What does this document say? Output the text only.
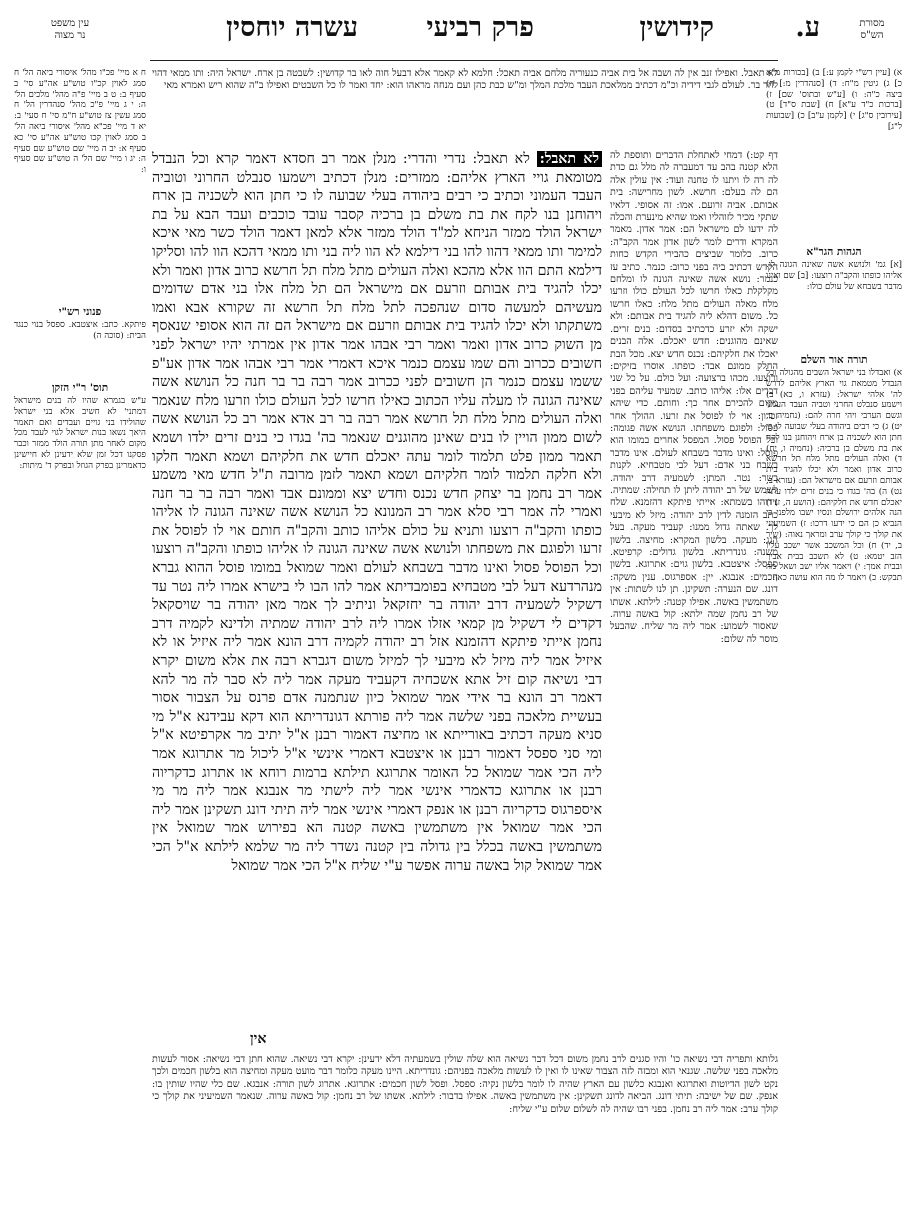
מסורת
הש"ס
ע.
קידושין
פרק רביעי
עשרה יוחסין
עין משפט
נר מצוה
לא תאבל. ואפילו זנב אין לה ושבה אל בית אביה כנעוריה מלחם אביה תאכל: חלמא לא קאמר אלא דבעל חוה לאו בר קדושין: לשבטה בן ארח. ישראל היה: ותו ממאי דהוי לחר בר. לעולם לגבי דידיה וכ"מ דכתיב ממלאכת העבד מלכת המלך ומ"ש כבת כהן ועם מנחה מראהו הוא: יחד ואמר לו כל השבטים ואפילו ב"ה שהוא ריש ואמרא מאי
א) [עיין רש"י לקמן ע:] ב) [בכורות מ"א כ] ג) גיטין מ"ח: ד) [סנהדרין מ:] ה) ביצה כ"ה: ו) [ע"ש ובתוס' שם] ז) [ברכות כ"ד ע"א] ח) [שבת ס"ד] ט) [עירובין ס"ג] י) [לקמן ע"ב] כ) [שבועות ל"ג]
הגהות הגר"א
[א] גמ' ולנושא אשה שאינה הגונה לו. אליהו כופתו והקב"ה רוצעו: [ב] שם ואינו מדבר בשבחא של עולם כולו:
תורה אור השלם
א) ואבדלו בני ישראל השבים מהגולה וכל הנבדל מטמאת גוי הארץ אליהם לדרש לה' אלהי ישראל: (עזרא ו, כא) ב) וישמע סנבלט החרני וטביה העבד העמני וגשם הערבי ויהי חרה להם: (נחמיה ב, יט) ג) כי רבים ביהודה בעלי שבועה לו כי חתן הוא לשכניה בן ארח ויהוחנן בנו לקח את בת משלם בן ברכיה: (נחמיה ו, יח) ד) ואלה העולים מתל מלח תל חרשא כרוב אדון ואמר ולא יכלו להגיד בית אבותם וזרעם אם מישראל הם: (עזרא ב, נט) ה) בה' בגדו כי בנים זרים ילדו עתה יאכלם חדש את חלקיהם: (הושע ה, ז) ו) הנה אלהים ירושלם ונסיו ישבו מלפני כי הנביא כן הם כי ידעו דרכו: ז) השמיעיני את קולך כי קולך ערב ומראך נאוה: (שיר ב, יד) ח) וכל המשכב אשר ישכב עליו הזב יטמא: ט) לא תשכב בבית אביך ובבית אמך: י) ויאמר אליו ישב ושאל מה תבקש: כ) ויאמר לו מה הוא עושה כאן:
דף קט:) דמחי לאתחלת הדברים ותוספת לה הלא קטנה בהב עד דמעברה לה מלל גם כדת לה רה לו ויתנו לו טחנה ועוד: אין עולין אלה הם לה בעלם: חרשא. לשון מחרישה: בית אבותם. אביה זרועם. אמו: זה אסופי. דלאיו שתקי מכיר לזוהליו ואמו שהיא מינערת והכלה לה ידעו לם מישראל הם: אמר אדון. מאמר המקרא ודרים לומר לשון אדון אמר הקב"ה: כרוב. כלומר שביצים כהבירי הקדש כחות הקדש דכתיב ביה בפני כרוב: כנמר. כתיב עז כנמר: נושא אשה שאינה הגונה לו ומלחם מקלקלת כאלו חרשו לכל העולם כולו וזרעו מלח מאלה העולים מתל מלח: כאלו חרשו כל. משום דהלא ליה להגיד בית אבותם: ולא ישקה ולא יזרע כדכתיב בסדום: בנים זרים. שאינם מהוגנים: חדש יאכלם. אלה הבנים יאכלו את חלקיהם: נכנס חדש יצא. מכל הבת החלק ממונם אבד: כופתו. אוסרו בזיקים: ורוצעו. מכהו ברצועה: ועל כולם. על כל שני דברים אלו: אליהו כותב. שמעיד עליהם בפני מקום להכירם אחר כך: וחותם. כדי שיהא זכרון: אוי לו לפוסל את זרעו. ההולך אחר פסול: ולפוגם משפחתו. הנושא אשה פגומה: וכל הפוסל פסול. המפסל אחרים במומו הוא פוסל: ואינו מדבר בשבחא לעולם. אינו מדבר בשבח בני אדם: דעל לבי מטבחיא. לקנות בשר: נטר. המתן: לשמעיה דרב יהודה. לשמש של רב יהודה ליתן לו תחילה: שמתיה. נידוהו בשמתא: אייתי פיתקא דהזמנא. שלח כתב הזמנה לדין לרב יהודה: מיזל לא מיבעי לך. שאתה גדול ממנו: קעביד מעקה. בעל הגג: מעקה. בלשון המקרא: מחיצה. בלשון משנה: גונדריתא. בלשון גדולים: קרפיטא. ספסל: איצטבא. בלשון גוים: אתרוגא. בלשון חכמים: אנבגא. יין: אספרגוס. ענין משקה: דונג. שם הנערה: תשקינן. תן לנו לשתות: אין משתמשין באשה. אפילו קטנה: לילתא. אשתו של רב נחמן שמה ילתא: קול באשה ערוה. שאסור לשמוע: אמר ליה מר שליח. שהבעל מוסר לה שלום:
לא תאבל: לא תאבל: נדרי והדרי: מנלן אמר רב חסדא דאמר קרא וכל הנבדל מטומאת גויי הארץ אליהם: ממזרים: מנלן דכתיב וישמעו סנבלט החרוני וטוביה העבד העמוני וכתיב כי רבים ביהודה בעלי שבועה לו כי חתן הוא לשכניה בן ארח ויהוחנן בנו לקח את בת משלם בן ברכיה קסבר עובד כוכבים ועבד הבא על בת ישראל הולד ממזר הניחא למ"ד הולד ממזר אלא למאן דאמר הולד כשר מאי איכא למימר ותו ממאי דהוו להו בני דילמא לא הוו ליה בני ותו ממאי דהכא הוו להו וסליקו דילמא התם הוו אלא מהכא ואלה העולים מתל מלח תל חרשא כרוב אדון ואמר ולא יכלו להגיד בית אבותם וזרעם אם מישראל הם תל מלח אלו בני אדם שדומים מעשיהם למעשה סדום שנהפכה לתל מלח תל חרשא זה שקורא אבא ואמו משתקתו ולא יכלו להגיד בית אבותם וזרעם אם מישראל הם זה הוא אסופי שנאסף מן השוק כרוב אדון ואמר ואמר רבי אבהו אמר אדון אין אמרתי יהיו ישראל לפני חשובים ככרוב והם שמו עצמם כנמר איכא דאמרי אמר רבי אבהו אמר אדון אע"פ ששמו עצמם כנמר הן חשובים לפני ככרוב אמר רבה בר בר חנה כל הנושא אשה שאינה הגונה לו מעלה עליו הכתוב כאילו חרשו לכל העולם כולו וזרעו מלח שנאמר ואלה העולים מתל מלח תל חרשא אמר רבה בר רב אדא אמר רב כל הנושא אשה לשום ממון הויין לו בנים שאינן מהוגנים שנאמר בה' בגדו כי בנים זרים ילדו ושמא תאמר ממון פלט תלמוד לומר עתה יאכלם חדש את חלקיהם ושמא תאמר חלקו ולא חלקה תלמוד לומר חלקיהם ושמא תאמר לזמן מרובה ת"ל חדש מאי משמע אמר רב נחמן בר יצחק חדש נכנס וחדש יצא וממונם אבד ואמר רבה בר בר חנה ואמרי לה אמר רבי סלא אמר רב המנונא כל הנושא אשה שאינה הגונה לו אליהו כופתו והקב"ה רוצעו ותניא על כולם אליהו כותב והקב"ה חותם אוי לו לפוסל את זרעו ולפוגם את משפחתו ולנושא אשה שאינה הגונה לו אליהו כופתו והקב"ה רוצעו וכל הפוסל פסול ואינו מדבר בשבחא לעולם ואמר שמואל במומו פוסל ההוא גברא מנהרדעא דעל לבי מטבחיא בפומבדיתא אמר להו הבו לי בישרא אמרו ליה נטר עד דשקיל לשמעיה דרב יהודה בר יחזקאל וניתיב לך אמר מאן יהודה בר שויסקאל דקדים לי דשקיל מן קמאי אזלו אמרו ליה לרב יהודה שמתיה ולדינא לקמיה דרב נחמן אייתי פיתקא דהזמנא אזל רב יהודה לקמיה דרב הונא אמר ליה איזיל או לא איזיל אמר ליה מיזל לא מיבעי לך למיזל משום דגברא רבה את אלא משום יקרא דבי נשיאה קום זיל אתא אשכחיה דקעביד מעקה אמר ליה לא סבר לה מר להא דאמר רב הונא בר אידי אמר שמואל כיון שנתמנה אדם פרנס על הצבור אסור בעשיית מלאכה בפני שלשה אמר ליה פורתא דגונדריתא הוא דקא עבידנא א"ל מי סניא מעקה דכתיב באורייתא או מחיצה דאמור רבנן א"ל יתיב מר אקרפיטא א"ל ומי סני ספסל דאמור רבנן או איצטבא דאמרי אינשי א"ל ליכול מר אתרוגא אמר ליה הכי אמר שמואל כל האומר אתרוגא תילתא ברמות רוחא או אתרוג כדקריוה רבנן או אתרוגא כדאמרי אינשי אמר ליה לישתי מר אנבגא אמר ליה מר מי איספרגוס כדקריוה רבנן או אנפק דאמרי אינשי אמר ליה תיתי דונג תשקינן אמר ליה הכי אמר שמואל אין משתמשין באשה קטנה הא בפירוש אמר שמואל אין משתמשין באשה בכלל בין גדולה בין קטנה נשדר ליה מר שלמא לילתא א"ל הכי אמר שמואל קול באשה ערוה אפשר ע"י שליח א"ל הכי אמר שמואל
אין
גלותא ותפריה דבי נשיאה כו' והיו סגנים לרב נחמן משום דכל דבר נשיאה הוא שלה שולין בשמעתיה דלא ידעינן: יקרא דבי נשיאה. שהוא חתן דבי נשיאה: אסור לעשות מלאכה בפני שלשה. שגנאי הוא ומבזה לזה הצבור שאינו לו ואין לו לעשות מלאכה בפניהם: גונדריתא. היינו מעקה כלומר דבר מועט מעקה ומחיצה הוא בלשון חכמים ולכך נקט לשון הדיוטות ואתרוגא ואנבגא כלשון עם הארץ שהיה לו לומר בלשון נקיה: ספסל. ופסל לשון חכמים: אתרוגא. אתרוג לשון תורה: אנבגא. שם כלי שהיו שותין בו: אנפק. שם של ישיבה: תיתי דונג. הביאה לדונג תשקינן: אין משתמשין באשה. אפילו בדבור: לילתא. אשתו של רב נחמן: קול באשה ערוה. שנאמר השמיעיני את קולך כי קולך ערב: אמר ליה רב נחמן. בפני רבו שהיה לה לשלום שלום ע"י שליח:
ח א מיי' פכ"ו מהל' איסורי ביאה הל' ח סמג לאוין קכ"ו טוש"ע אה"ע סי' ב סעיף ב: ט ב מיי' פ"ה מהל' מלכים הל' ה: י ג מיי' פ"כ מהל' סנהדרין הל' ח סמג עשין צז טוש"ע ח"מ סי' ח סעי' ב: יא ד מיי' פכ"א מהל' איסורי ביאה הל' ב סמג לאוין קכו טוש"ע אה"ע סי' כא סעיף א: יב ה מיי' שם טוש"ע שם סעיף ה: יג ו מיי' שם הל' ה טוש"ע שם סעיף ו:
פנוני רש"י
פיתקא. כתב: איצטבא. ספסל בנוי כנגד הבית: (סוכה ה)
תוס' ר"י הזקן
ע"ש בגמרא שהיו לה בנים מישראל דמתני' לא חשיב אלא בני ישראל שהולידו בני גויים ועבדים ואם תאמר היאך נשאו בנות ישראל לגוי לעבד מכל מקום לאחר מתן תורה הולד ממזר וכבר פסקנו דכל זמן שלא ידעינן לא חיישינן כדאמרינן בפרק הגוזל ובפרק ד' מיתות:
